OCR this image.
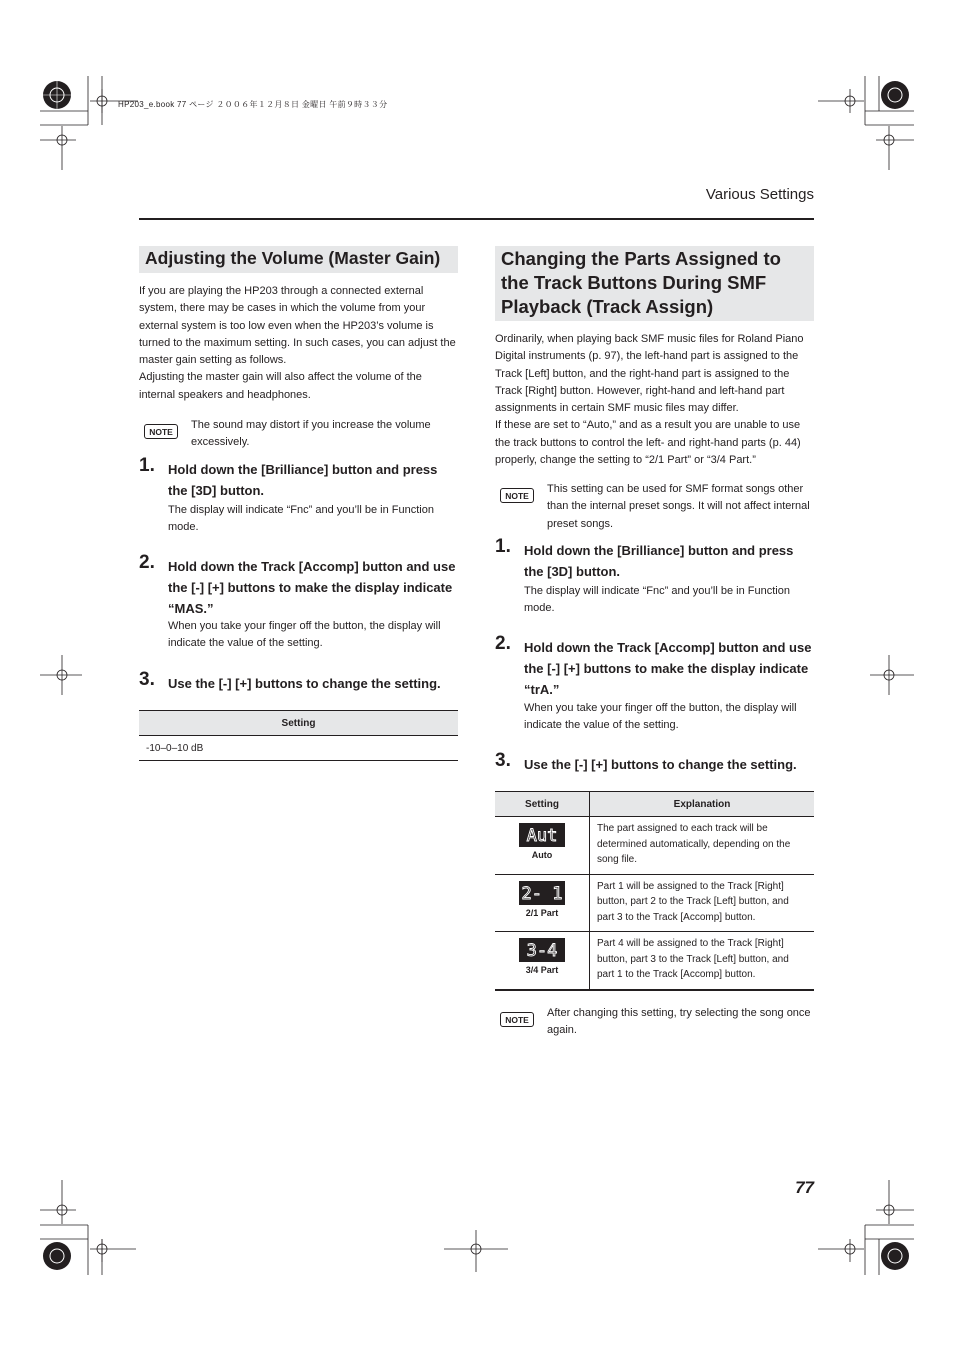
HP203_e.book 77 ページ ２００６年１２月８日 金曜日 午前９時３３分
Various Settings
Adjusting the Volume (Master Gain)
If you are playing the HP203 through a connected external system, there may be cases in which the volume from your external system is too low even when the HP203’s volume is turned to the maximum setting. In such cases, you can adjust the master gain setting as follows.
Adjusting the master gain will also affect the volume of the internal speakers and headphones.
NOTE
The sound may distort if you increase the volume excessively.
1. Hold down the [Brilliance] button and press the [3D] button.
The display will indicate “Fnc” and you’ll be in Function mode.
2. Hold down the Track [Accomp] button and use the [-] [+] buttons to make the display indicate “MAS.”
When you take your finger off the button, the display will indicate the value of the setting.
3. Use the [-] [+] buttons to change the setting.
Setting
-10–0–10 dB
Changing the Parts Assigned to the Track Buttons During SMF Playback (Track Assign)
Ordinarily, when playing back SMF music files for Roland Piano Digital instruments (p. 97), the left-hand part is assigned to the Track [Left] button, and the right-hand part is assigned to the Track [Right] button. However, right-hand and left-hand part assignments in certain SMF music files may differ.
If these are set to “Auto,” and as a result you are unable to use the track buttons to control the left- and right-hand parts (p. 44) properly, change the setting to “2/1 Part” or “3/4 Part.”
NOTE
This setting can be used for SMF format songs other than the internal preset songs. It will not affect internal preset songs.
1. Hold down the [Brilliance] button and press the [3D] button.
The display will indicate “Fnc” and you’ll be in Function mode.
2. Hold down the Track [Accomp] button and use the [-] [+] buttons to make the display indicate “trA.”
When you take your finger off the button, the display will indicate the value of the setting.
3. Use the [-] [+] buttons to change the setting.
Setting	Explanation

Aut
Auto	The part assigned to each track will be determined automatically, depending on the song file.

2- 1
2/1 Part	Part 1 will be assigned to the Track [Right] button, part 2 to the Track [Left] button, and part 3 to the Track [Accomp] button.

3-4
3/4 Part	Part 4 will be assigned to the Track [Right] button, part 3 to the Track [Left] button, and part 1 to the Track [Accomp] button.
NOTE
After changing this setting, try selecting the song once again.
77
